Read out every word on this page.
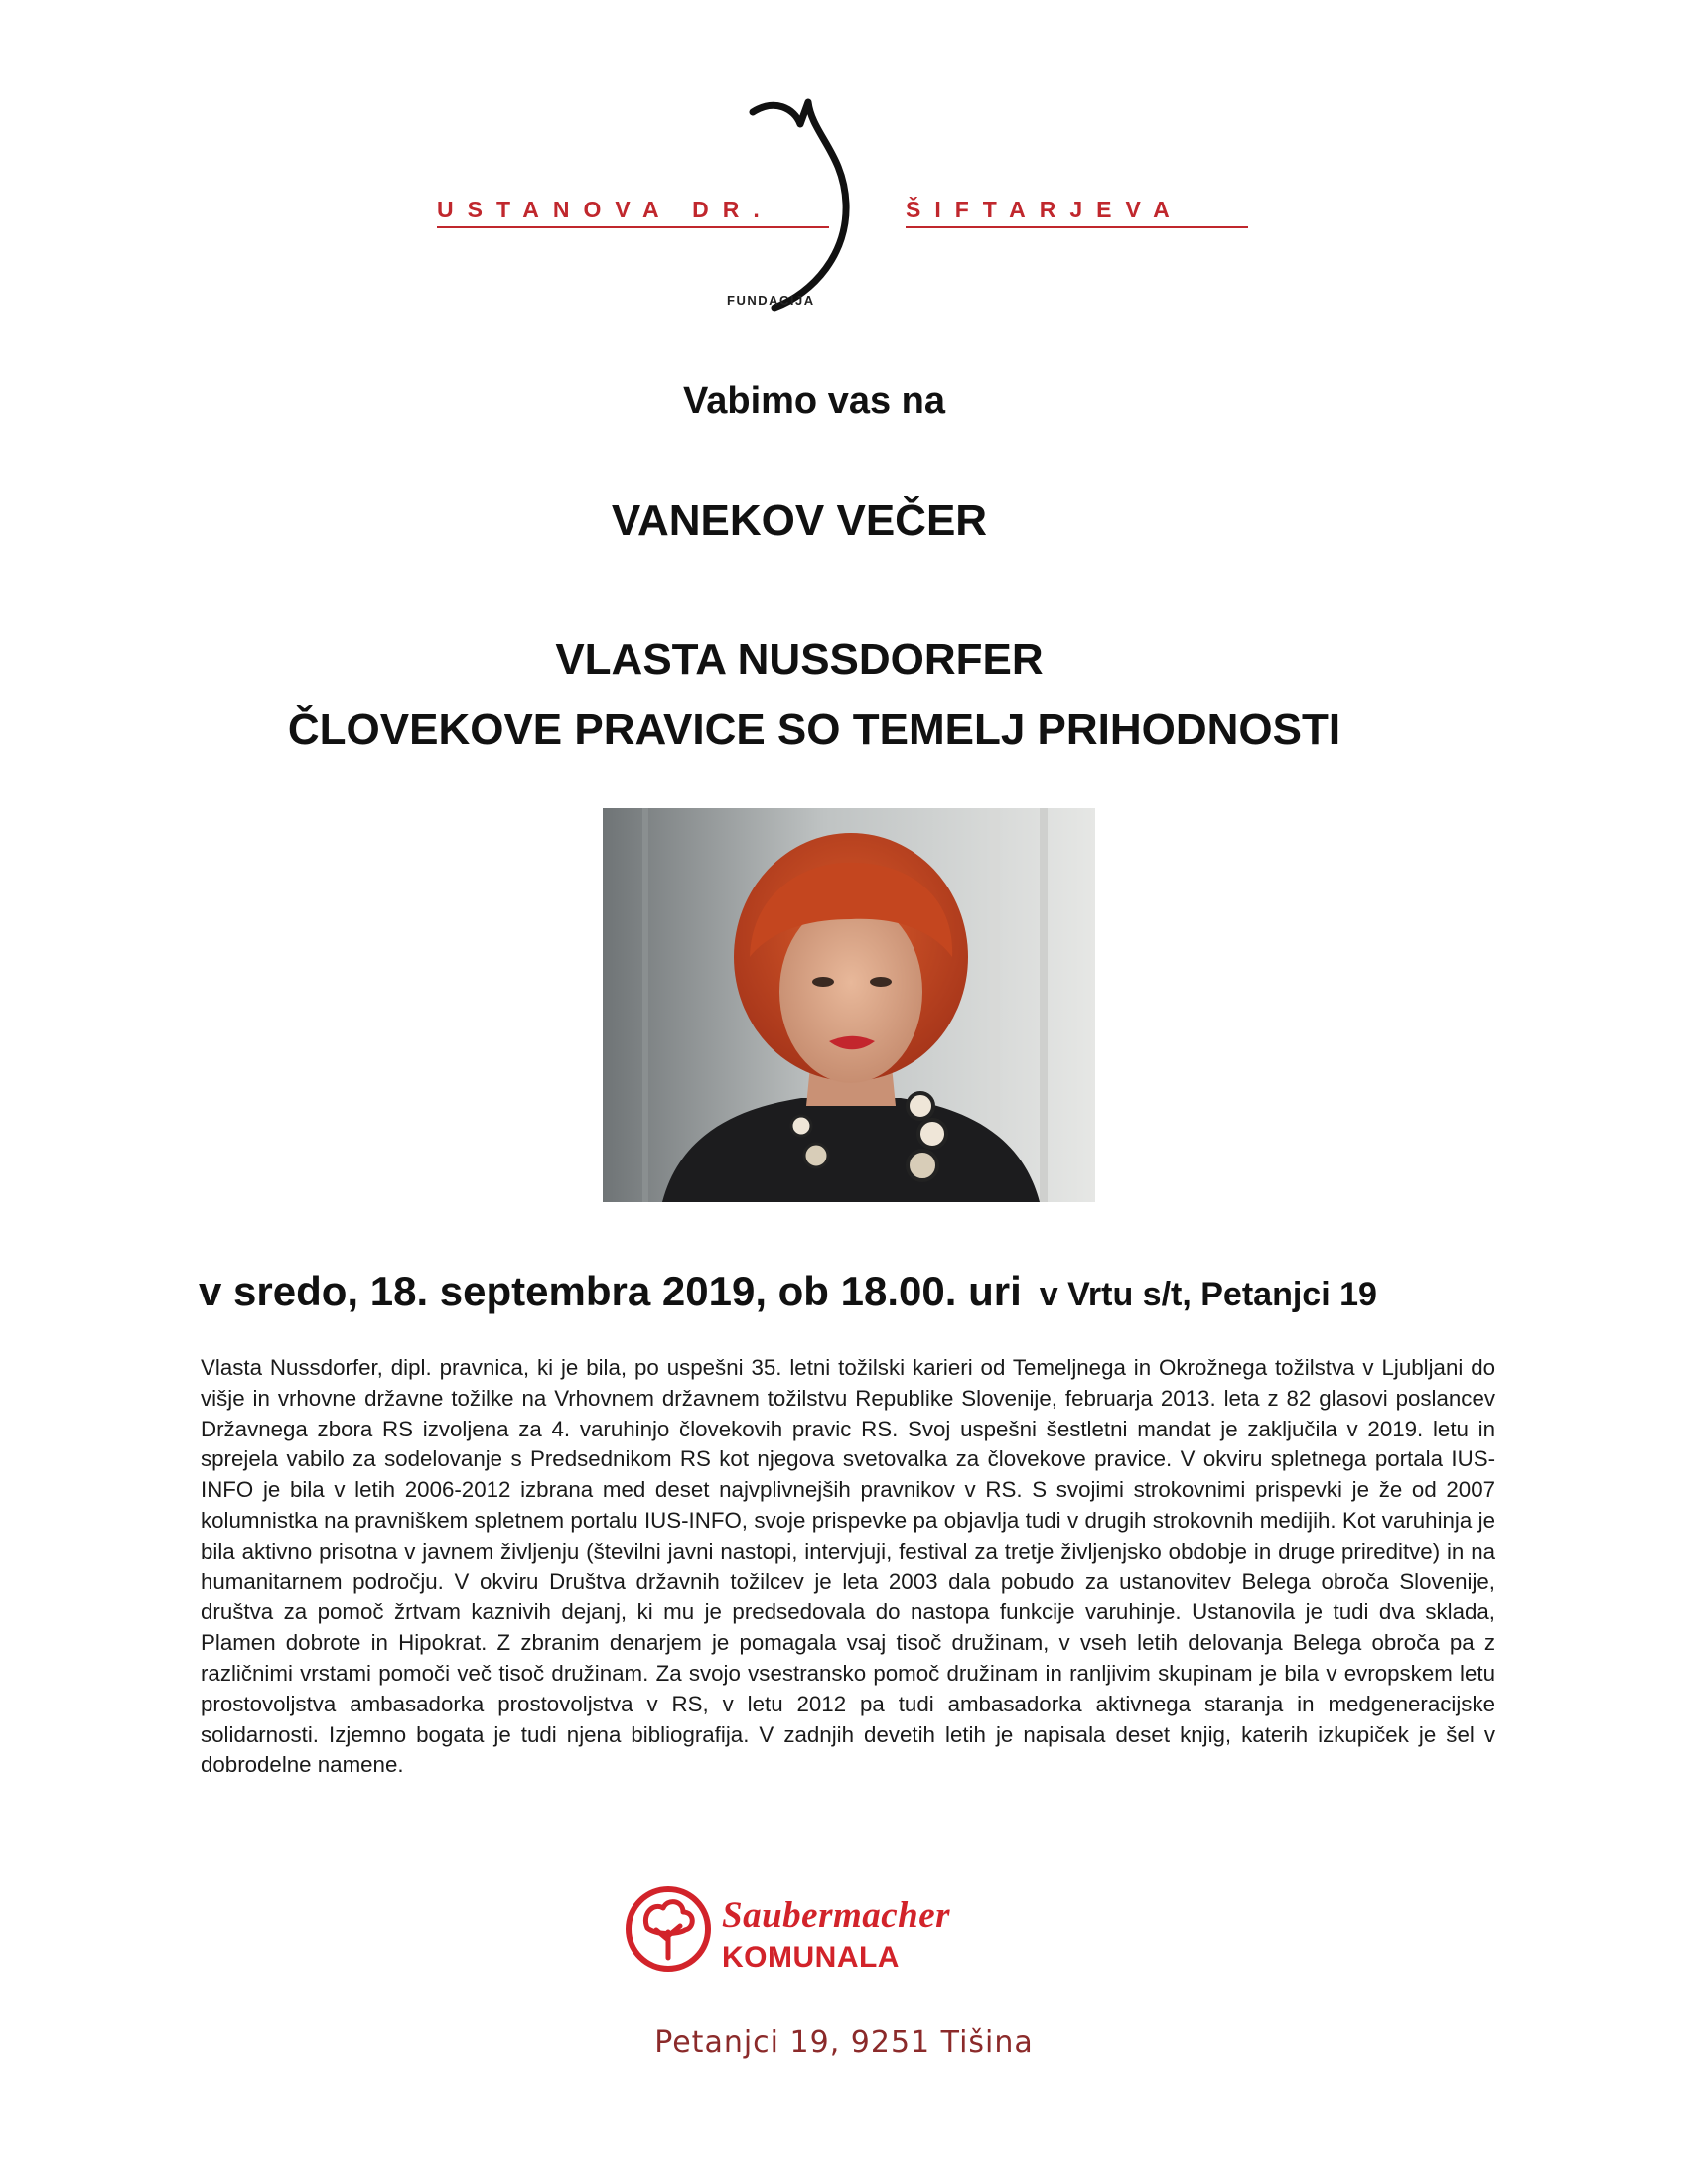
USTANOVA DR.	ŠIFTARJEVA
FUNDACIJA
Vabimo vas na
VANEKOV VEČER
VLASTA NUSSDORFER
ČLOVEKOVE PRAVICE SO TEMELJ PRIHODNOSTI
v sredo, 18. septembra 2019, ob 18.00. uri v Vrtu s/t, Petanjci 19

Vlasta Nussdorfer, dipl. pravnica, ki je bila, po uspešni 35. letni tožilski karieri od Temeljnega in Okrožnega tožilstva v Ljubljani do višje in vrhovne državne tožilke na Vrhovnem državnem tožilstvu Republike Slovenije, februarja 2013. leta z 82 glasovi poslancev Državnega zbora RS izvoljena za 4. varuhinjo človekovih pravic RS. Svoj uspešni šestletni mandat je zaključila v 2019. letu in sprejela vabilo za sodelovanje s Predsednikom RS kot njegova svetovalka za človekove pravice. V okviru spletnega portala IUS-INFO je bila v letih 2006-2012 izbrana med deset najvplivnejših pravnikov v RS. S svojimi strokovnimi prispevki je že od 2007 kolumnistka na pravniškem spletnem portalu IUS-INFO, svoje prispevke pa objavlja tudi v drugih strokovnih medijih. Kot varuhinja je bila aktivno prisotna v javnem življenju (številni javni nastopi, intervjuji, festival za tretje življenjsko obdobje in druge prireditve) in na humanitarnem področju. V okviru Društva državnih tožilcev je leta 2003 dala pobudo za ustanovitev Belega obroča Slovenije, društva za pomoč žrtvam kaznivih dejanj, ki mu je predsedovala do nastopa funkcije varuhinje. Ustanovila je tudi dva sklada, Plamen dobrote in Hipokrat. Z zbranim denarjem je pomagala vsaj tisoč družinam, v vseh letih delovanja Belega obroča pa z različnimi vrstami pomoči več tisoč družinam. Za svojo vsestransko pomoč družinam in ranljivim skupinam je bila v evropskem letu prostovoljstva ambasadorka prostovoljstva v RS, v letu 2012 pa tudi ambasadorka aktivnega staranja in medgeneracijske solidarnosti. Izjemno bogata je tudi njena bibliografija. V zadnjih devetih letih je napisala deset knjig, katerih izkupiček je šel v dobrodelne namene.

Saubermacher
KOMUNALA
Petanjci 19, 9251 Tišina
